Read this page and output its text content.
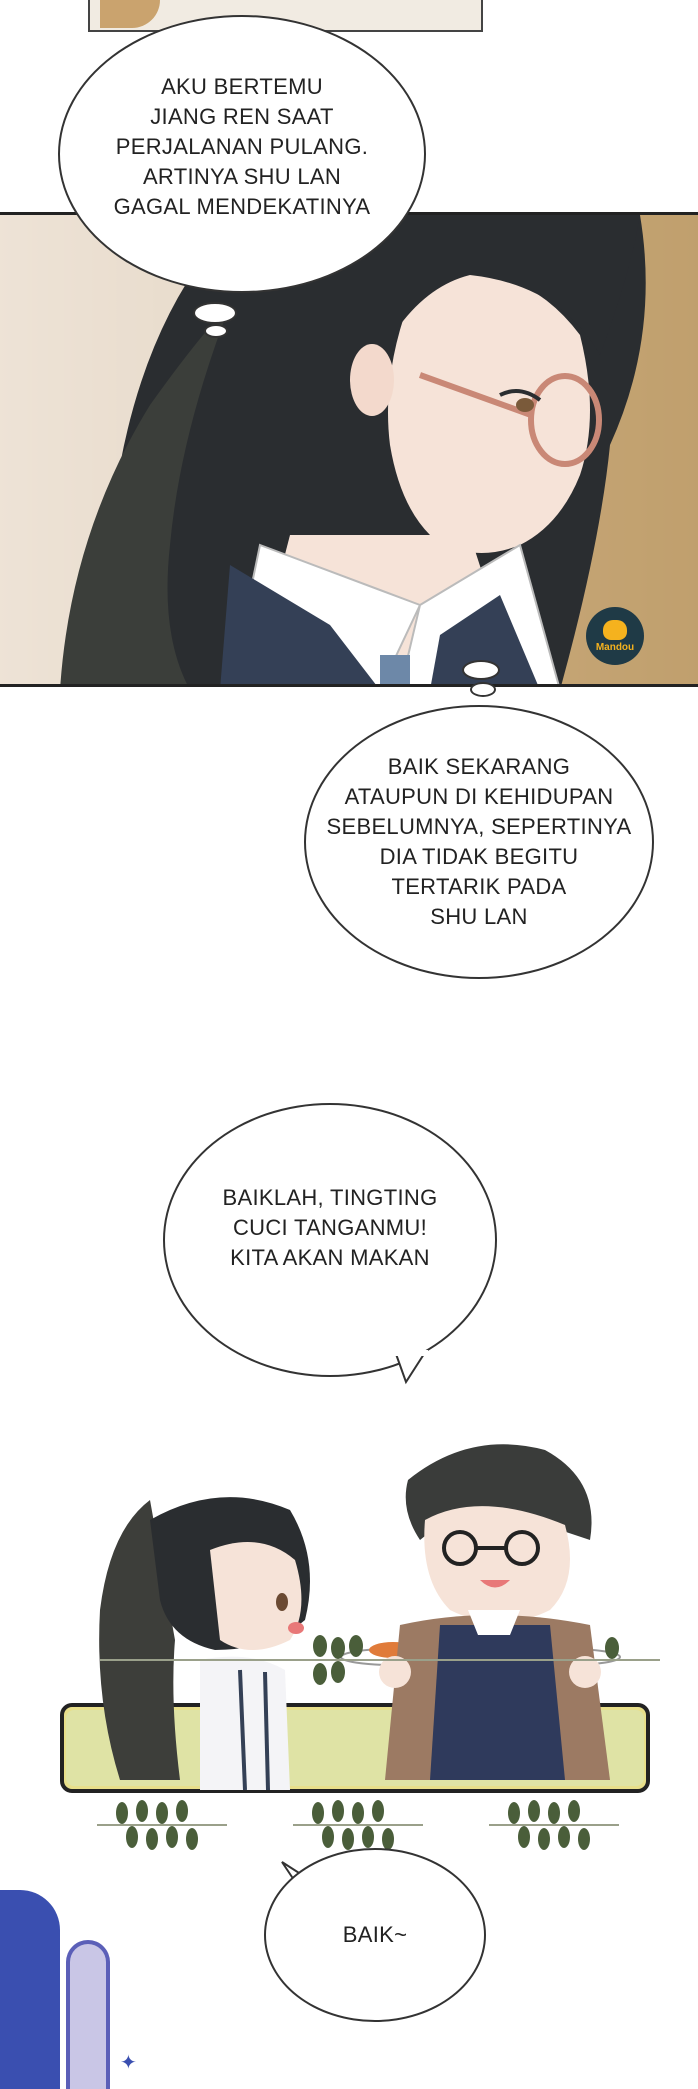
Mandou
AKU BERTEMU
JIANG REN SAAT
PERJALANAN PULANG.
ARTINYA SHU LAN
GAGAL MENDEKATINYA
BAIK SEKARANG
ATAUPUN DI KEHIDUPAN
SEBELUMNYA, SEPERTINYA
DIA TIDAK BEGITU
TERTARIK PADA
SHU LAN
BAIKLAH, TINGTING
CUCI TANGANMU!
KITA AKAN MAKAN
BAIK~
✦
